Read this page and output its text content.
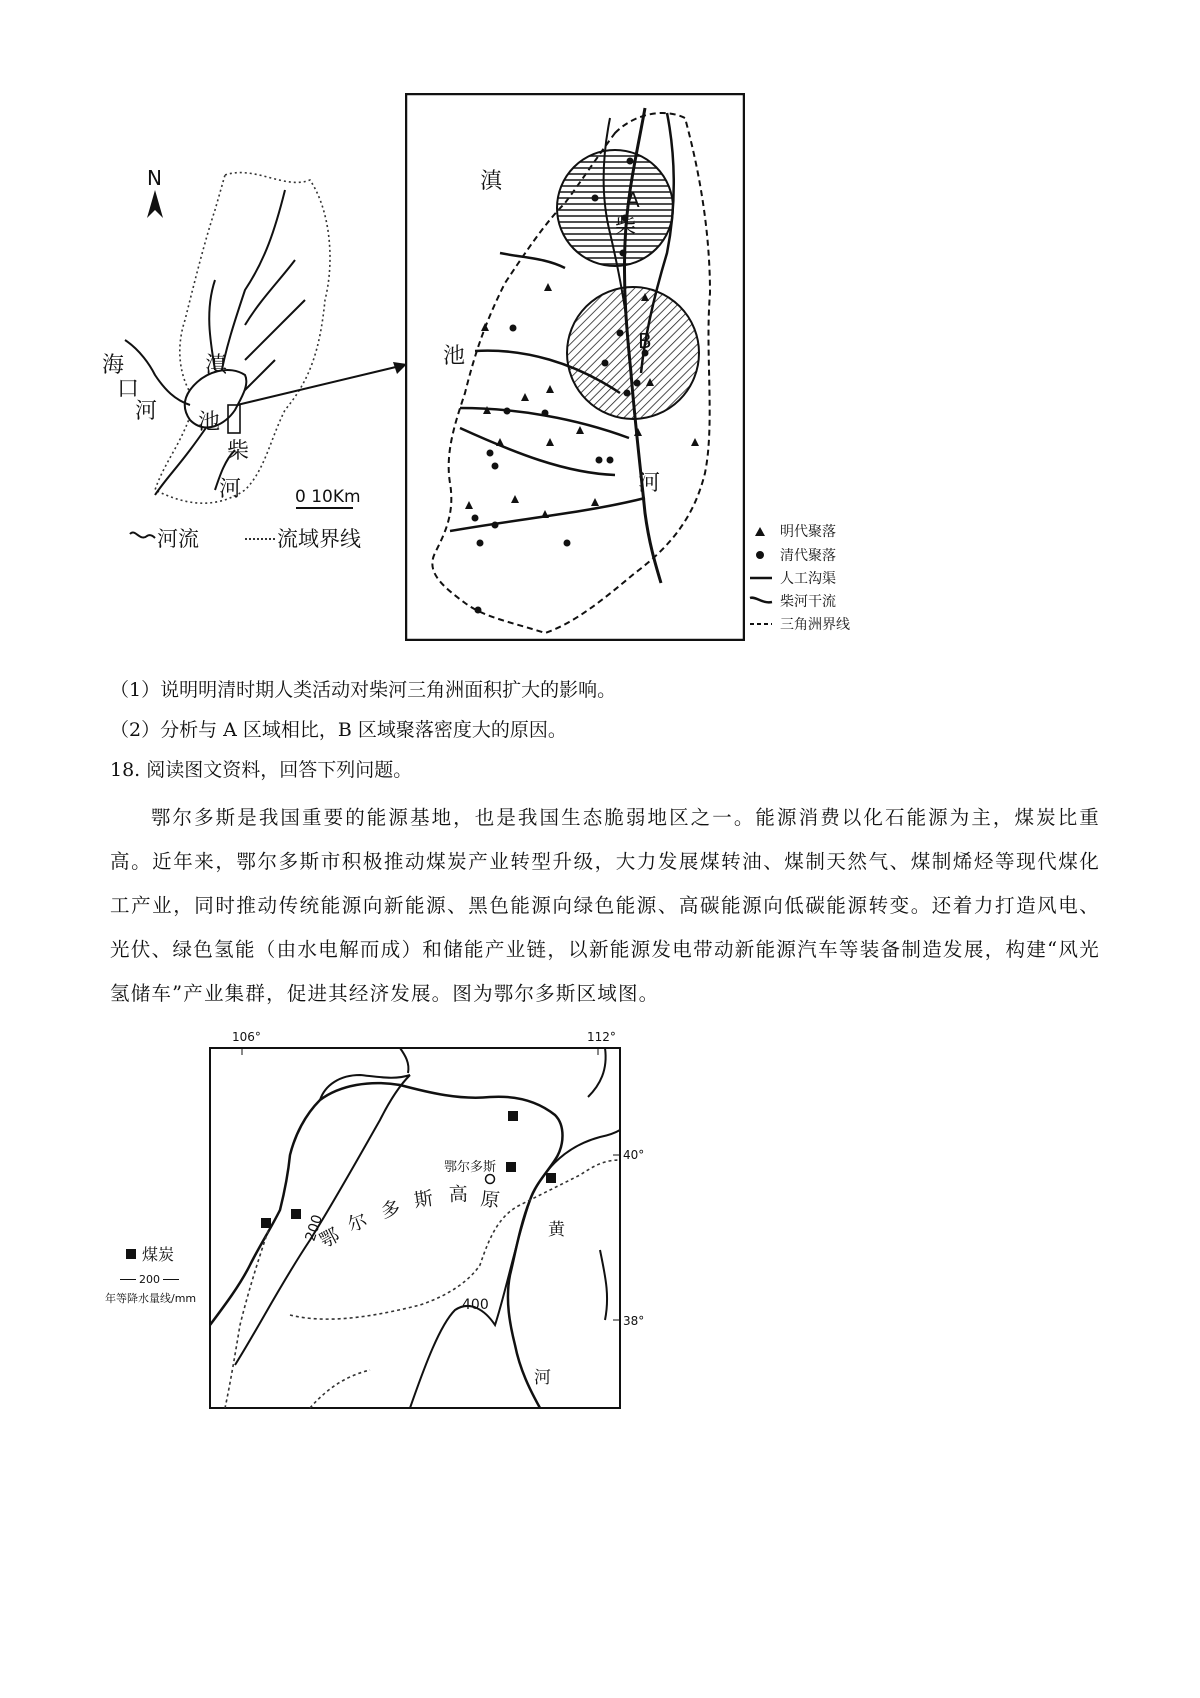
N
滇
池
柴
河
海
口
河
0 10Km
河流	流域界线
滇
池
河
A
柴
B
明代聚落
清代聚落
人工沟渠
柴河干流
三角洲界线
（1）说明明清时期人类活动对柴河三角洲面积扩大的影响。
（2）分析与 A 区域相比，B 区域聚落密度大的原因。
18. 阅读图文资料，回答下列问题。
鄂尔多斯是我国重要的能源基地，也是我国生态脆弱地区之一。能源消费以化石能源为主，煤炭比重高。近年来，鄂尔多斯市积极推动煤炭产业转型升级，大力发展煤转油、煤制天然气、煤制烯烃等现代煤化工产业，同时推动传统能源向新能源、黑色能源向绿色能源、高碳能源向低碳能源转变。还着力打造风电、光伏、绿色氢能（由水电解而成）和储能产业链，以新能源发电带动新能源汽车等装备制造发展，构建“风光氢储车”产业集群，促进其经济发展。图为鄂尔多斯区域图。
106°	112°
鄂尔多斯
鄂
尔 多 斯 高 原
黄
河
200
400
40°
38°
煤炭
200
年等降水量线/mm
